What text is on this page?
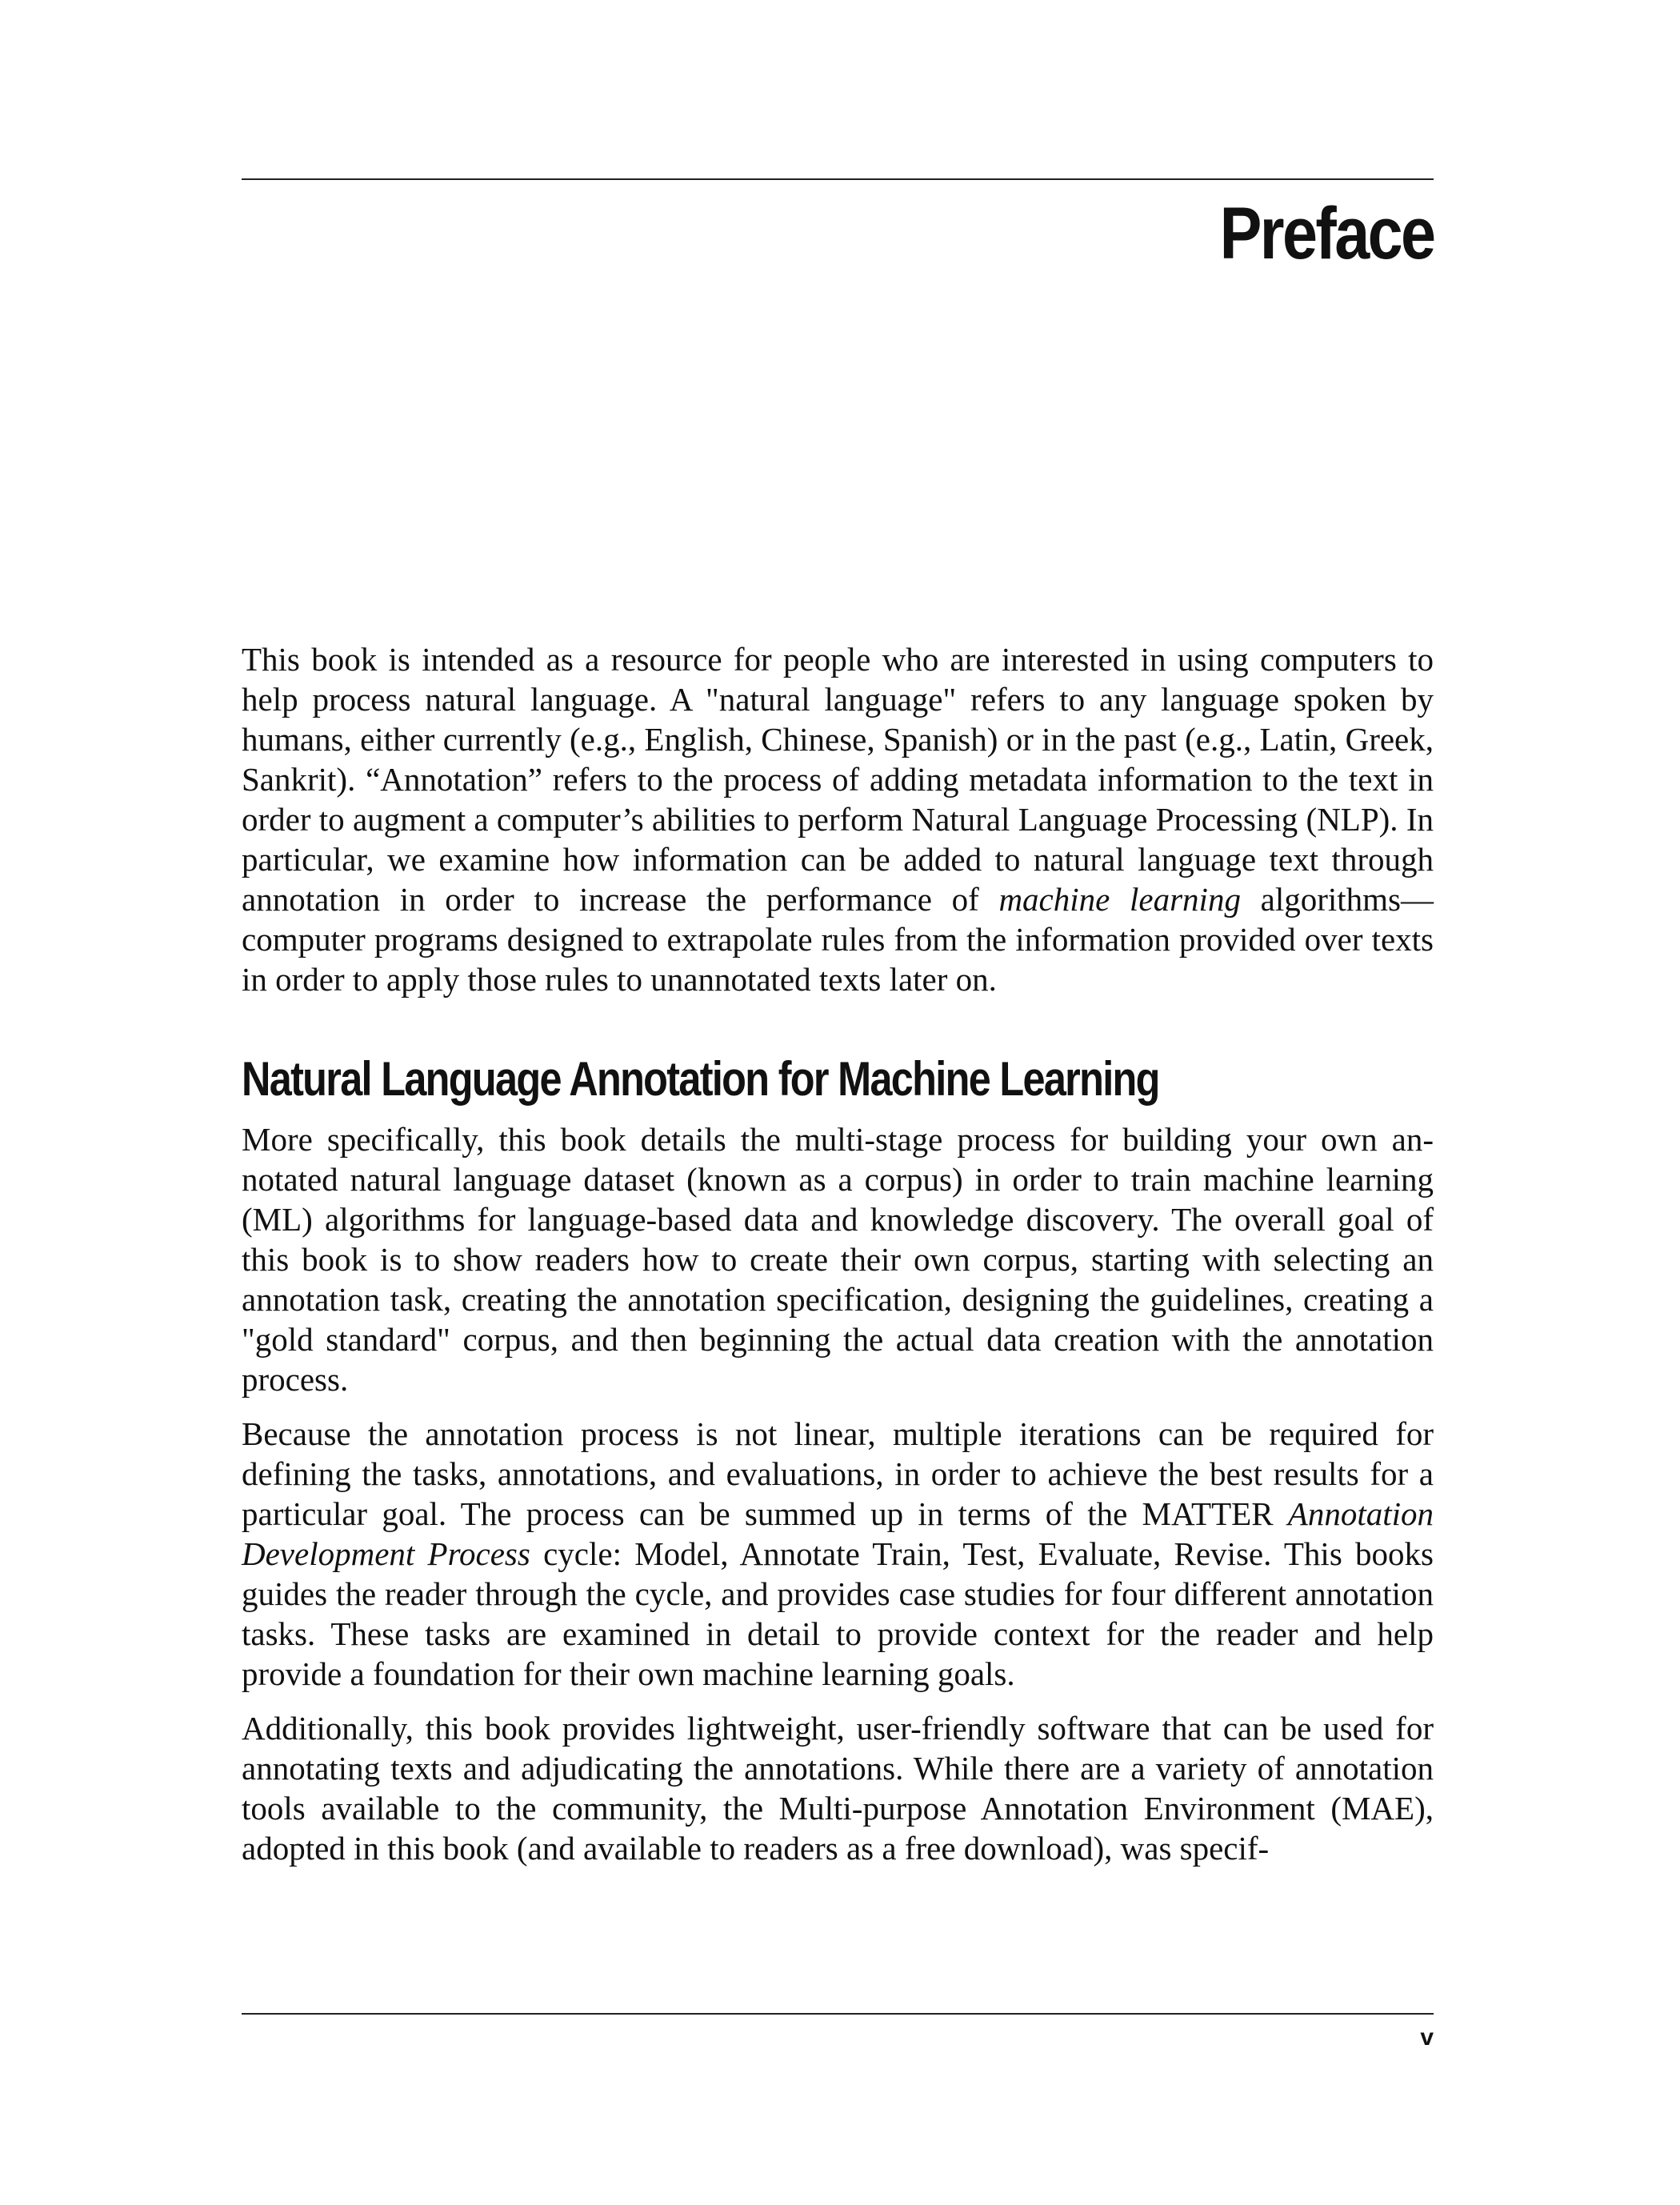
Preface

This book is intended as a resource for people who are interested in using computers to help process natural language. A "natural language" refers to any language spoken by humans, either currently (e.g., English, Chinese, Spanish) or in the past (e.g., Latin, Greek, Sankrit). “Annotation” refers to the process of adding metadata information to the text in order to augment a computer’s abilities to perform Natural Language Processing (NLP). In particular, we examine how information can be added to natural language text through annotation in order to increase the performance of machine learning algorithms—computer programs designed to extrapolate rules from the information provided over texts in order to apply those rules to unannotated texts later on.

Natural Language Annotation for Machine Learning

More specifically, this book details the multi-stage process for building your own annotated natural language dataset (known as a corpus) in order to train machine learning (ML) algorithms for language-based data and knowledge discovery. The overall goal of this book is to show readers how to create their own corpus, starting with selecting an annotation task, creating the annotation specification, designing the guidelines, creating a "gold standard" corpus, and then beginning the actual data creation with the annotation process.

Because the annotation process is not linear, multiple iterations can be required for defining the tasks, annotations, and evaluations, in order to achieve the best results for a particular goal. The process can be summed up in terms of the MATTER Annotation Development Process cycle: Model, Annotate Train, Test, Evaluate, Revise. This books guides the reader through the cycle, and provides case studies for four different annotation tasks. These tasks are examined in detail to provide context for the reader and help provide a foundation for their own machine learning goals.

Additionally, this book provides lightweight, user-friendly software that can be used for annotating texts and adjudicating the annotations. While there are a variety of annotation tools available to the community, the Multi-purpose Annotation Environment (MAE), adopted in this book (and available to readers as a free download), was specif-

v
